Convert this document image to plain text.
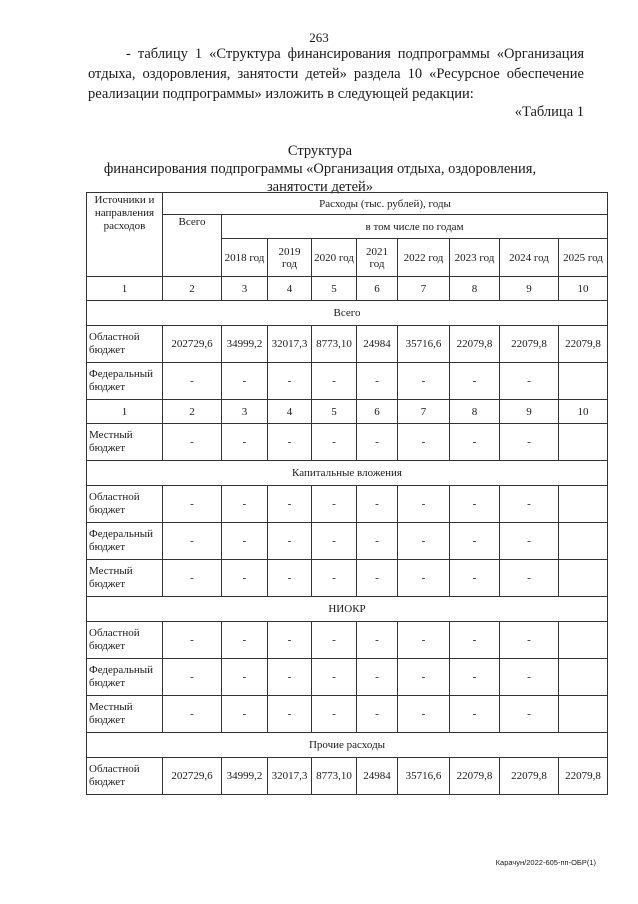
263

- таблицу 1 «Структура финансирования подпрограммы «Организация отдыха, оздоровления, занятости детей» раздела 10 «Ресурсное обеспечение реализации подпрограммы» изложить в следующей редакции:

«Таблица 1
Структура
финансирования подпрограммы «Организация отдыха, оздоровления,
занятости детей»
Источники и направления расходов	Расходы (тыс. рублей), годы								
	Всего	в том числе по годам							
		2018 год	2019 год	2020 год	2021 год	2022 год	2023 год	2024 год	2025 год
1	2	3	4	5	6	7	8	9	10
Всего									
Областной бюджет	202729,6	34999,2	32017,3	8773,10	24984	35716,6	22079,8	22079,8	22079,8
Федеральный бюджет	-	-	-	-	-	-	-	-	
1	2	3	4	5	6	7	8	9	10
Местный бюджет	-	-	-	-	-	-	-	-	
Капитальные вложения									
Областной бюджет	-	-	-	-	-	-	-	-	
Федеральный бюджет	-	-	-	-	-	-	-	-	
Местный бюджет	-	-	-	-	-	-	-	-	
НИОКР									
Областной бюджет	-	-	-	-	-	-	-	-	
Федеральный бюджет	-	-	-	-	-	-	-	-	
Местный бюджет	-	-	-	-	-	-	-	-	
Прочие расходы									
Областной бюджет	202729,6	34999,2	32017,3	8773,10	24984	35716,6	22079,8	22079,8	22079,8
Карачун/2022-605-пп-ОБР(1)
